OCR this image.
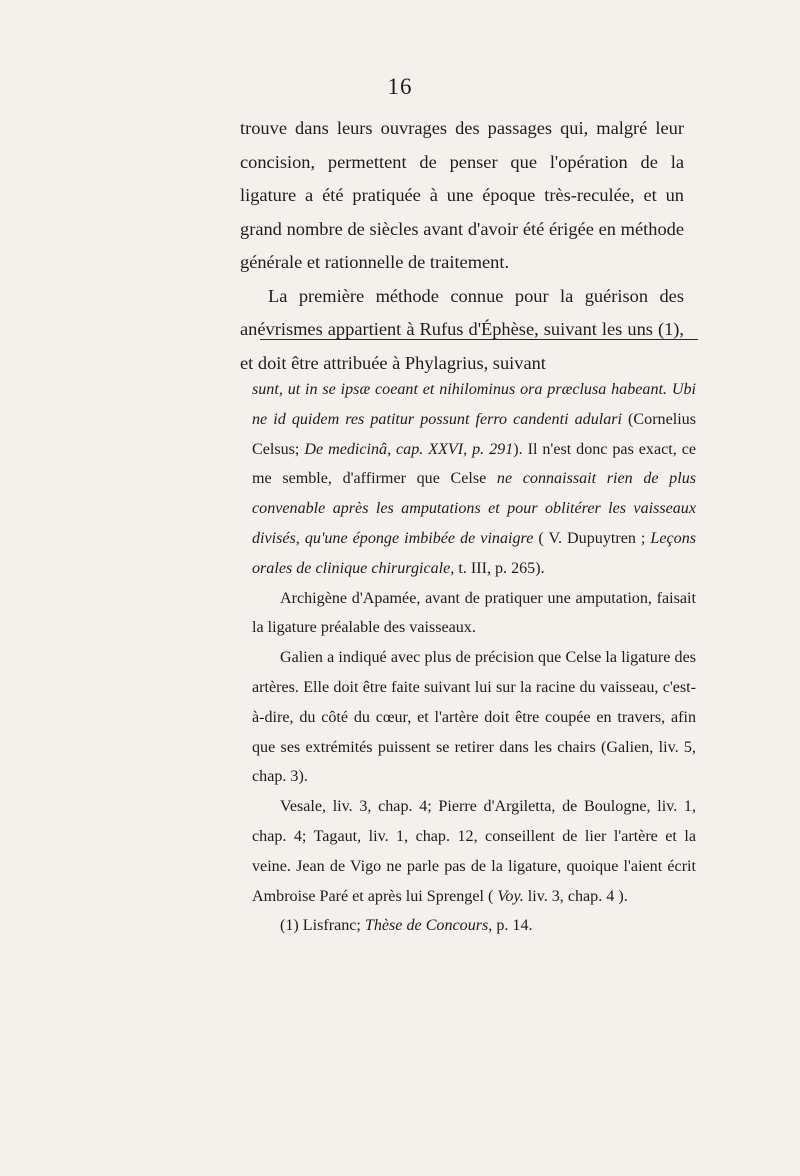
16

trouve dans leurs ouvrages des passages qui, malgré leur concision, permettent de penser que l'opération de la ligature a été pratiquée à une époque très-reculée, et un grand nombre de siècles avant d'avoir été érigée en méthode générale et rationnelle de traitement.

La première méthode connue pour la guérison des anévrismes appartient à Rufus d'Éphèse, suivant les uns (1), et doit être attribuée à Phylagrius, suivant

sunt, ut in se ipsæ coeant et nihilominus ora præclusa habeant. Ubi ne id quidem res patitur possunt ferro candenti adulari (Cornelius Celsus; De medicinâ, cap. XXVI, p. 291). Il n'est donc pas exact, ce me semble, d'affirmer que Celse ne connaissait rien de plus convenable après les amputations et pour oblitérer les vaisseaux divisés, qu'une éponge imbibée de vinaigre ( V. Dupuytren ; Leçons orales de clinique chirurgicale, t. III, p. 265).

Archigène d'Apamée, avant de pratiquer une amputation, faisait la ligature préalable des vaisseaux.

Galien a indiqué avec plus de précision que Celse la ligature des artères. Elle doit être faite suivant lui sur la racine du vaisseau, c'est-à-dire, du côté du cœur, et l'artère doit être coupée en travers, afin que ses extrémités puissent se retirer dans les chairs (Galien, liv. 5, chap. 3).

Vesale, liv. 3, chap. 4; Pierre d'Argiletta, de Boulogne, liv. 1, chap. 4; Tagaut, liv. 1, chap. 12, conseillent de lier l'artère et la veine. Jean de Vigo ne parle pas de la ligature, quoique l'aient écrit Ambroise Paré et après lui Sprengel ( Voy. liv. 3, chap. 4 ).

(1) Lisfranc; Thèse de Concours, p. 14.
